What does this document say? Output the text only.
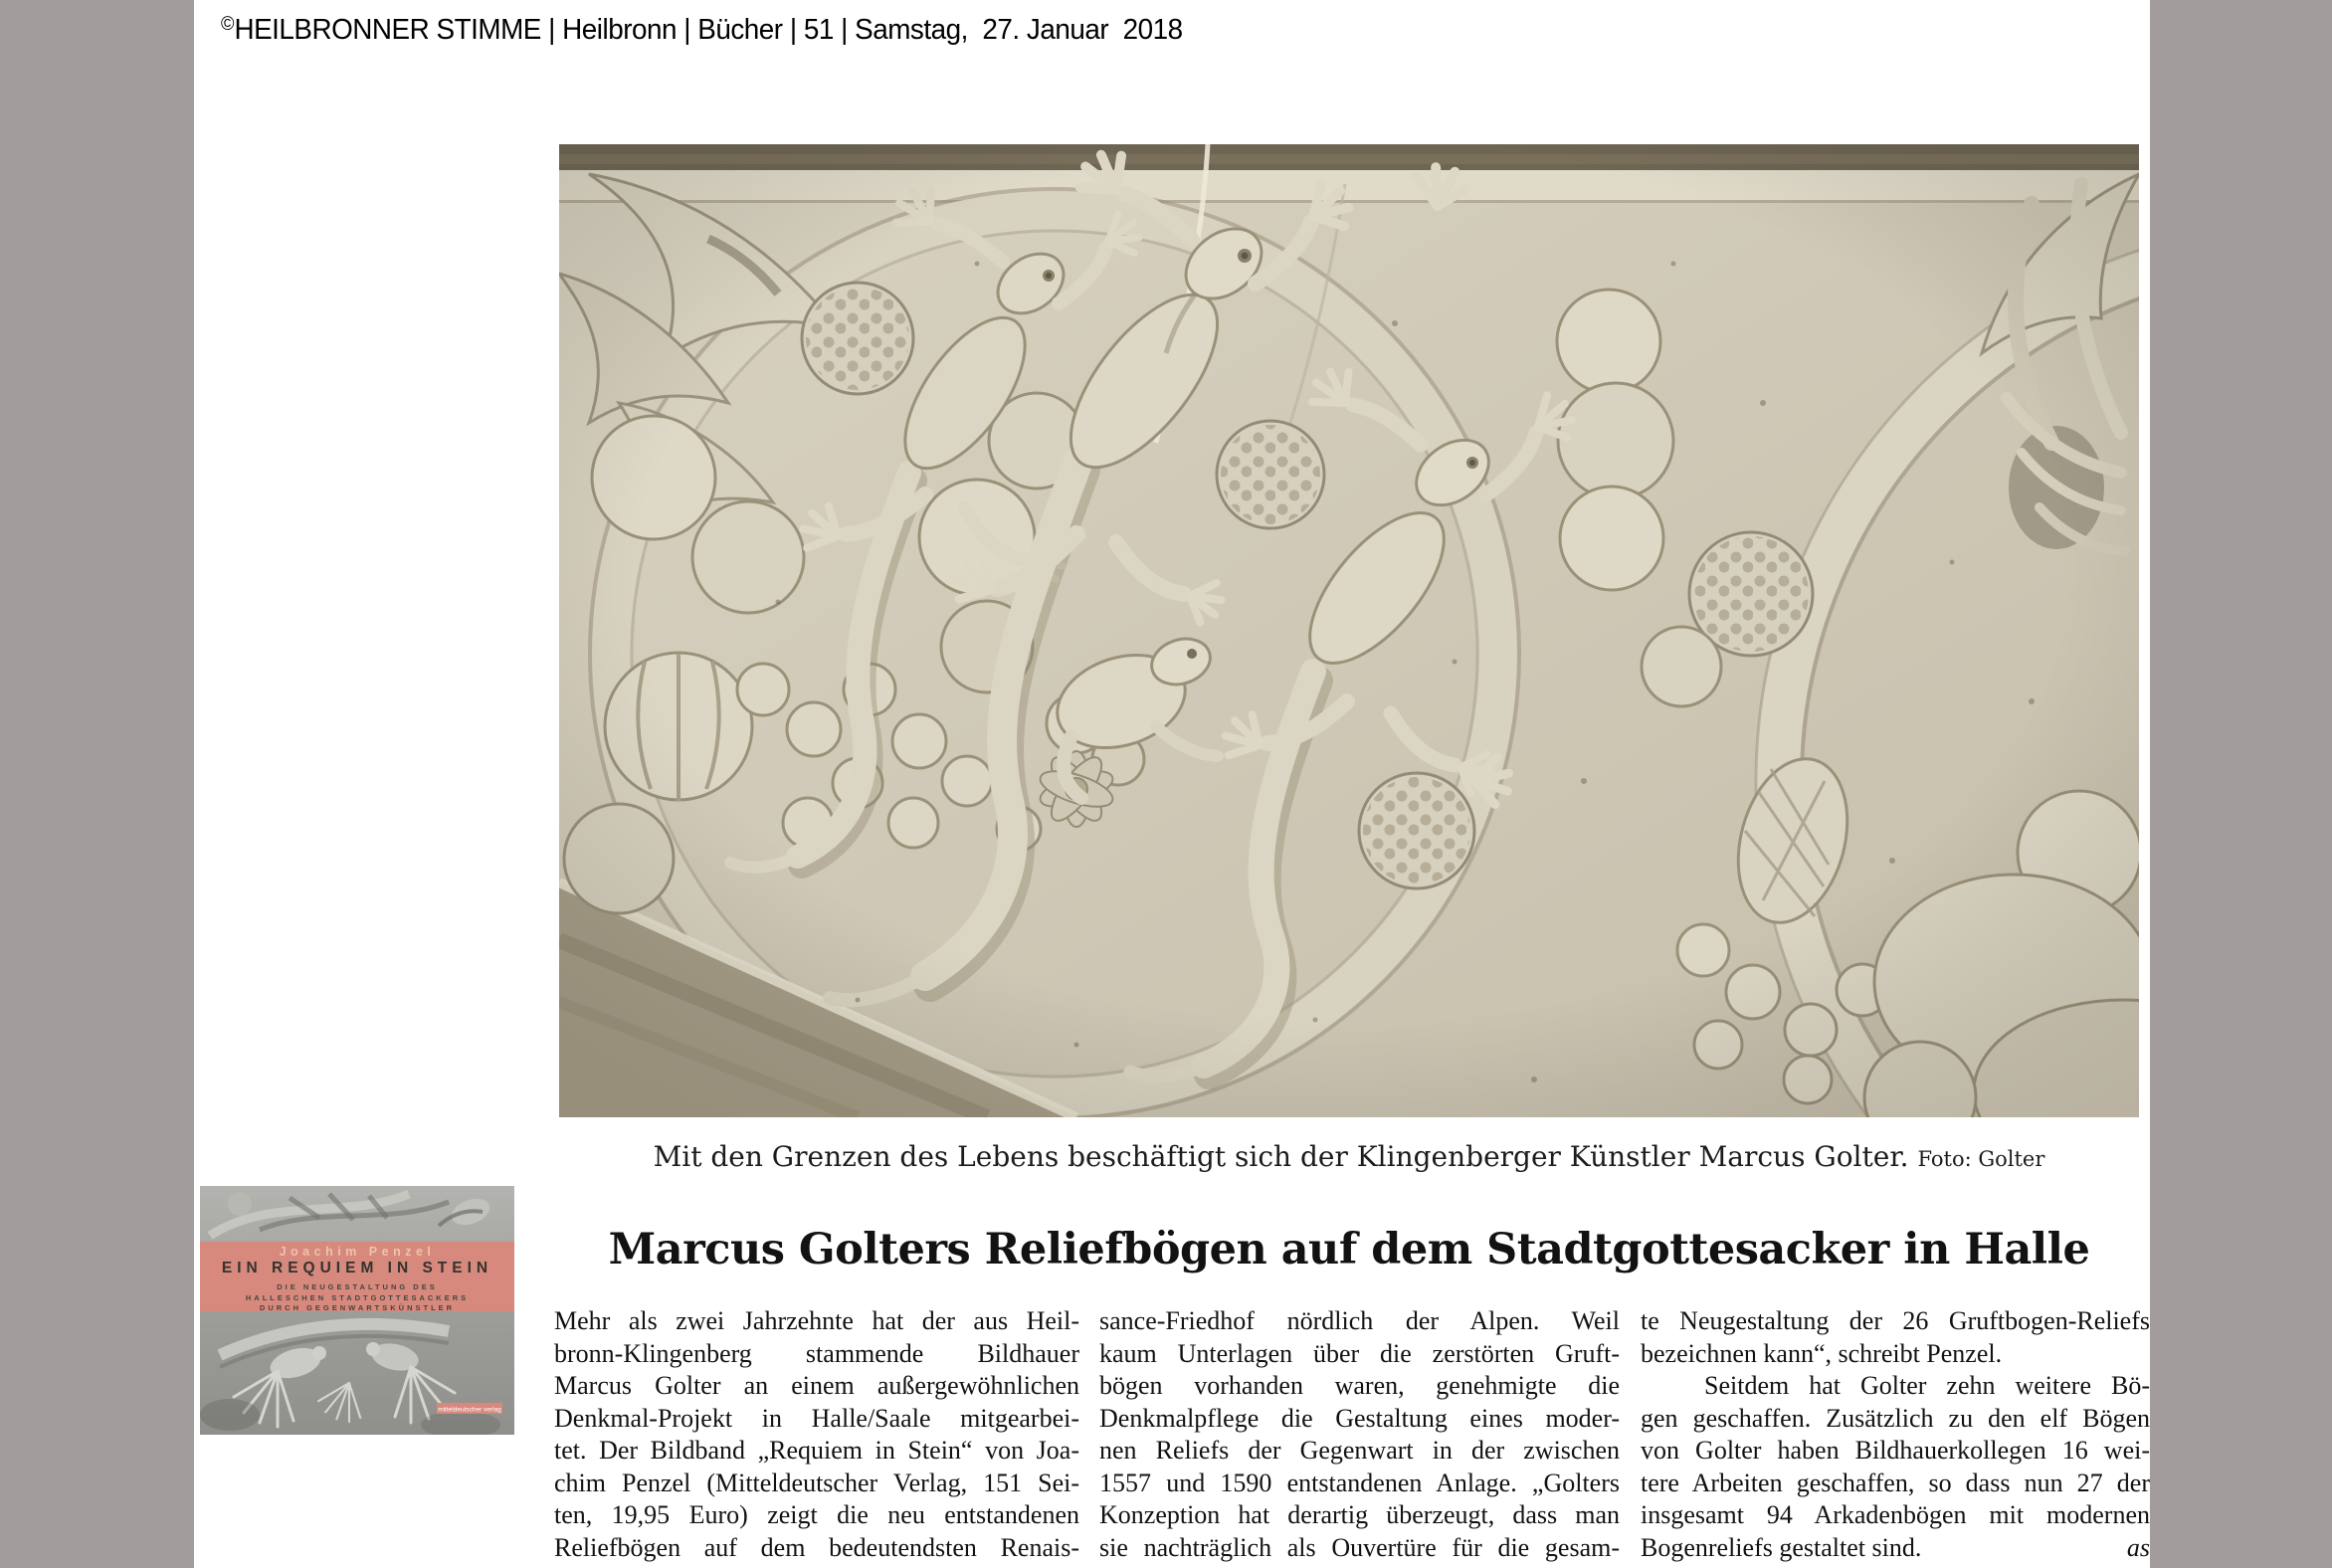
©HEILBRONNER STIMME | Heilbronn | Bücher | 51 | Samstag,  27. Januar  2018
Mit den Grenzen des Lebens beschäftigt sich der Klingenberger Künstler Marcus Golter. Foto: Golter
Marcus Golters Reliefbögen auf dem Stadtgottesacker in Halle
mitteldeutscher verlag
Joachim Penzel
EIN REQUIEM IN STEIN
DIE NEUGESTALTUNG DES
HALLESCHEN STADTGOTTESACKERS
DURCH GEGENWARTSKÜNSTLER	Mehr als zwei Jahrzehnte hat der aus Heil-
bronn-Klingenberg stammende Bildhauer
Marcus Golter an einem außergewöhnlichen
Denkmal-Projekt in Halle/Saale mitgearbei-
tet. Der Bildband „Requiem in Stein“ von Joa-
chim Penzel (Mitteldeutscher Verlag, 151 Sei-
ten, 19,95 Euro) zeigt die neu entstandenen
Reliefbögen auf dem bedeutendsten Renais-
sance-Friedhof nördlich der Alpen. Weil
kaum Unterlagen über die zerstörten Gruft-
bögen vorhanden waren, genehmigte die
Denkmalpflege die Gestaltung eines moder-
nen Reliefs der Gegenwart in der zwischen
1557 und 1590 entstandenen Anlage. „Golters
Konzeption hat derartig überzeugt, dass man
sie nachträglich als Ouvertüre für die gesam-
te Neugestaltung der 26 Gruftbogen-Reliefs
bezeichnen kann“, schreibt Penzel.
Seitdem hat Golter zehn weitere Bö-
gen geschaffen. Zusätzlich zu den elf Bögen
von Golter haben Bildhauerkollegen 16 wei-
tere Arbeiten geschaffen, so dass nun 27 der
insgesamt 94 Arkadenbögen mit modernen
Bogenreliefs gestaltet sind.	as
